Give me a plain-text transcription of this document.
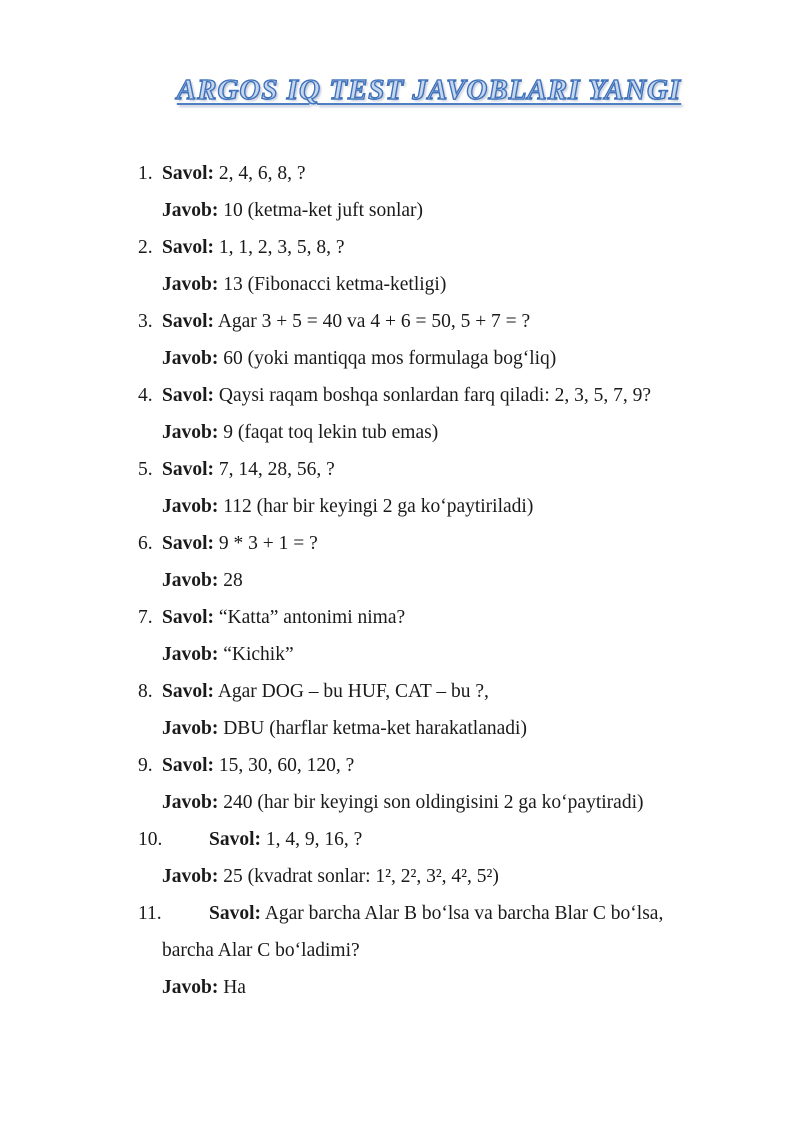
ARGOS IQ TEST JAVOBLARI YANGI
1. Savol: 2, 4, 6, 8, ?
Javob: 10 (ketma-ket juft sonlar)
2. Savol: 1, 1, 2, 3, 5, 8, ?
Javob: 13 (Fibonacci ketma-ketligi)
3. Savol: Agar 3 + 5 = 40 va 4 + 6 = 50, 5 + 7 = ?
Javob: 60 (yoki mantiqqa mos formulaga bog‘liq)
4. Savol: Qaysi raqam boshqa sonlardan farq qiladi: 2, 3, 5, 7, 9?
Javob: 9 (faqat toq lekin tub emas)
5. Savol: 7, 14, 28, 56, ?
Javob: 112 (har bir keyingi 2 ga ko‘paytiriladi)
6. Savol: 9 * 3 + 1 = ?
Javob: 28
7. Savol: “Katta” antonimi nima?
Javob: “Kichik”
8. Savol: Agar DOG – bu HUF, CAT – bu ?,
Javob: DBU (harflar ketma-ket harakatlanadi)
9. Savol: 15, 30, 60, 120, ?
Javob: 240 (har bir keyingi son oldingisini 2 ga ko‘paytiradi)
10. Savol: 1, 4, 9, 16, ?
Javob: 25 (kvadrat sonlar: 1², 2², 3², 4², 5²)
11. Savol: Agar barcha Alar B bo‘lsa va barcha Blar C bo‘lsa,
barcha Alar C bo‘ladimi?
Javob: Ha
